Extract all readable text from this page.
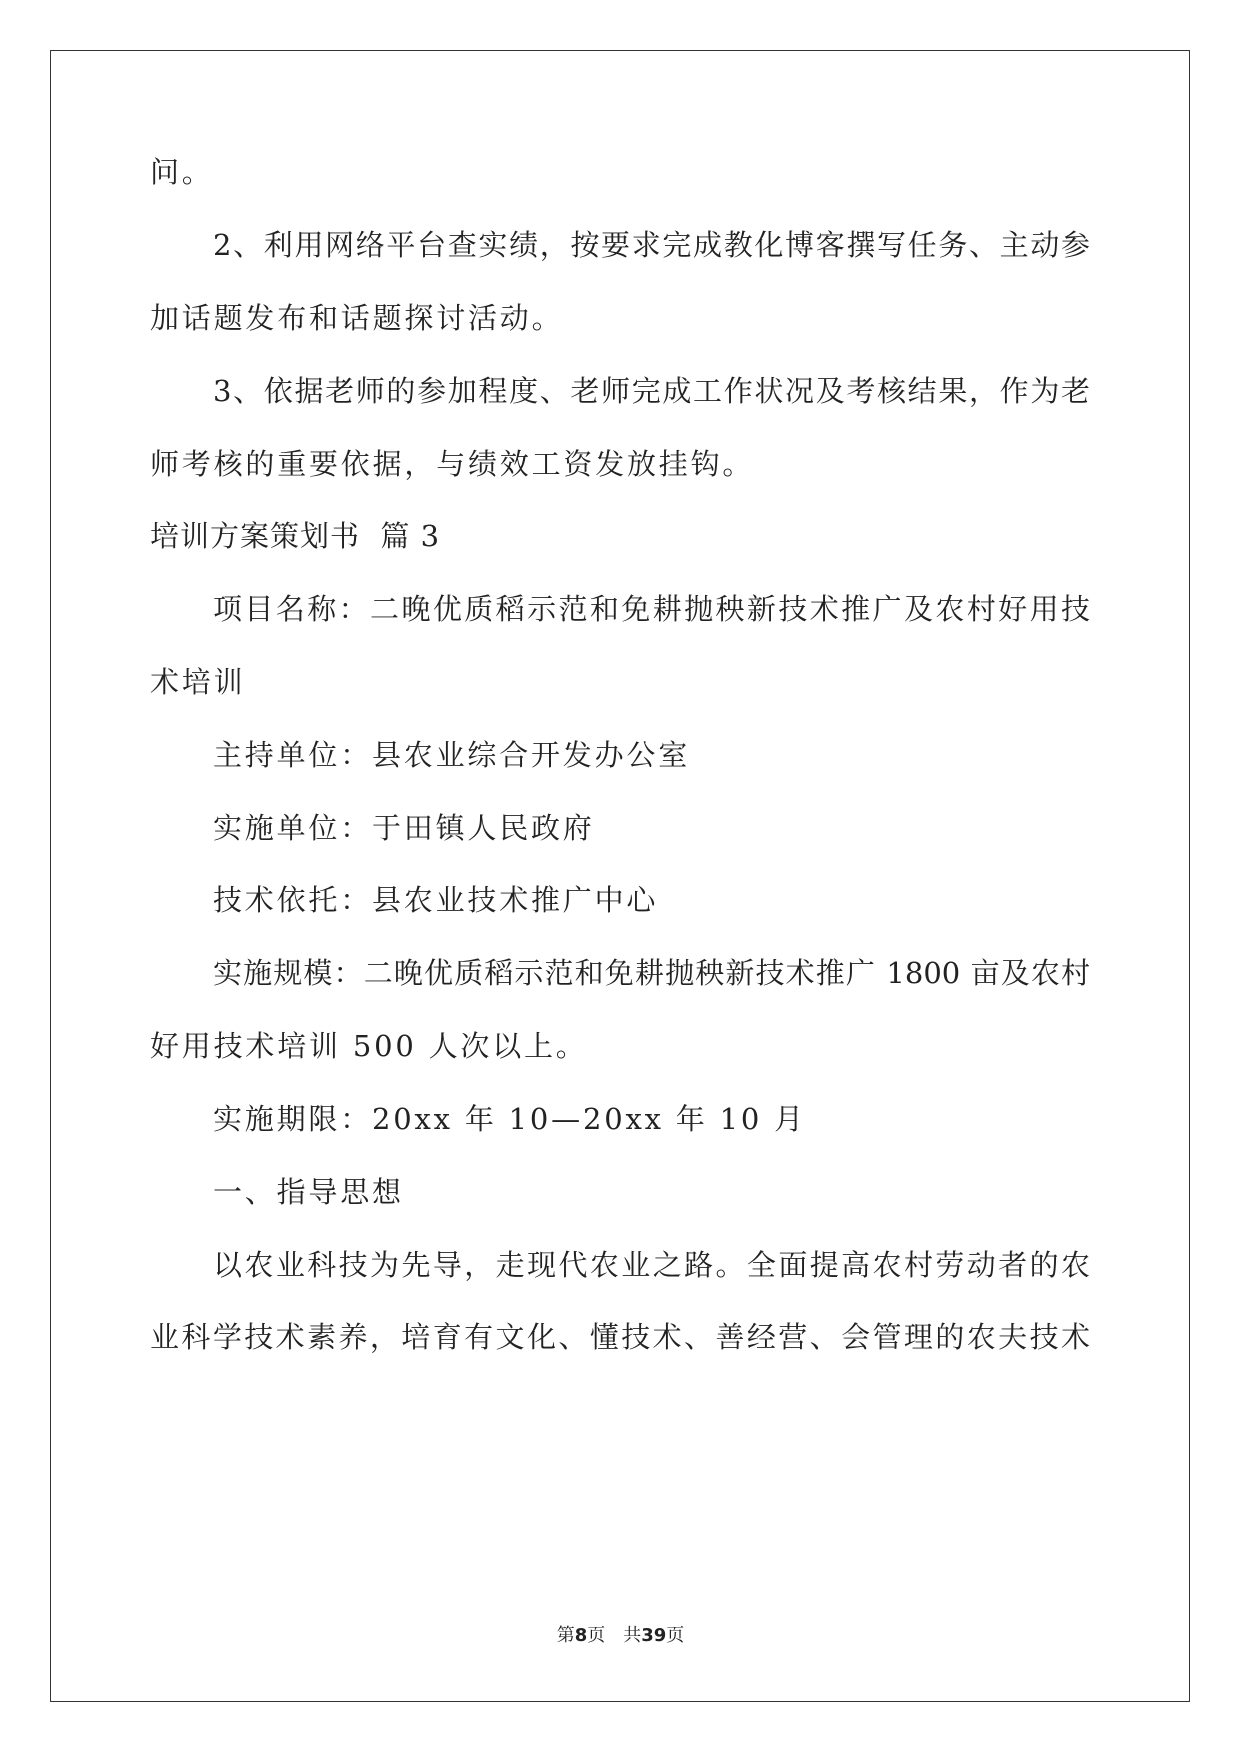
问。
2、利用网络平台查实绩，按要求完成教化博客撰写任务、主动参
加话题发布和话题探讨活动。
3、依据老师的参加程度、老师完成工作状况及考核结果，作为老
师考核的重要依据，与绩效工资发放挂钩。
培训方案策划书  篇 3
项目名称：二晚优质稻示范和免耕抛秧新技术推广及农村好用技
术培训
主持单位：县农业综合开发办公室
实施单位：于田镇人民政府
技术依托：县农业技术推广中心
实施规模：二晚优质稻示范和免耕抛秧新技术推广 1800 亩及农村
好用技术培训 500 人次以上。
实施期限：20xx 年 10—20xx 年 10 月
一、指导思想
以农业科技为先导，走现代农业之路。全面提高农村劳动者的农
业科学技术素养，培育有文化、懂技术、善经营、会管理的农夫技术
第8页 共39页
